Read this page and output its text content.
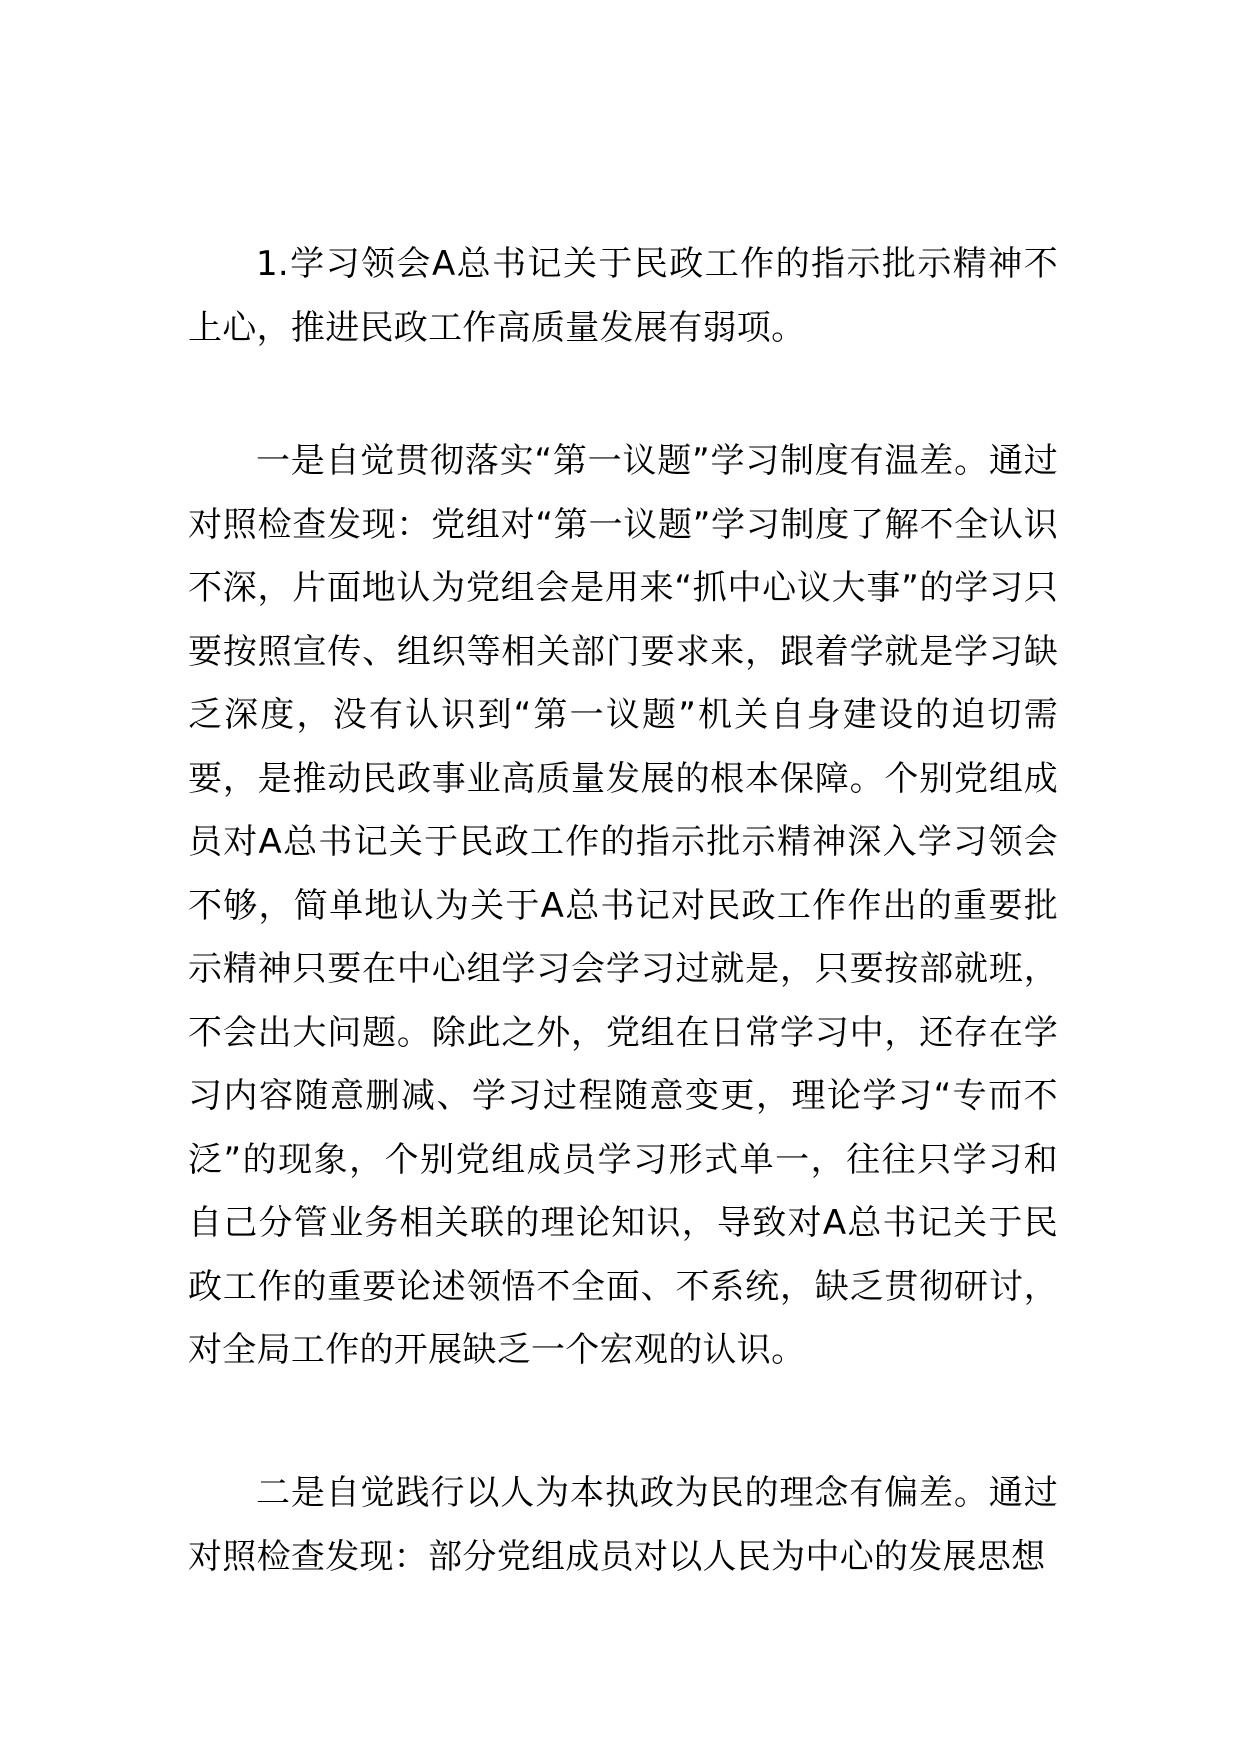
1.学习领会A总书记关于民政工作的指示批示精神不上心，推进民政工作高质量发展有弱项。

一是自觉贯彻落实“第一议题”学习制度有温差。通过对照检查发现：党组对“第一议题”学习制度了解不全认识不深，片面地认为党组会是用来“抓中心议大事”的学习只要按照宣传、组织等相关部门要求来，跟着学就是学习缺乏深度，没有认识到“第一议题”机关自身建设的迫切需要，是推动民政事业高质量发展的根本保障。个别党组成员对A总书记关于民政工作的指示批示精神深入学习领会不够，简单地认为关于A总书记对民政工作作出的重要批示精神只要在中心组学习会学习过就是，只要按部就班，不会出大问题。除此之外，党组在日常学习中，还存在学习内容随意删减、学习过程随意变更，理论学习“专而不泛”的现象，个别党组成员学习形式单一，往往只学习和自己分管业务相关联的理论知识，导致对A总书记关于民政工作的重要论述领悟不全面、不系统，缺乏贯彻研讨，对全局工作的开展缺乏一个宏观的认识。

二是自觉践行以人为本执政为民的理念有偏差。通过对照检查发现：部分党组成员对以人民为中心的发展思想
